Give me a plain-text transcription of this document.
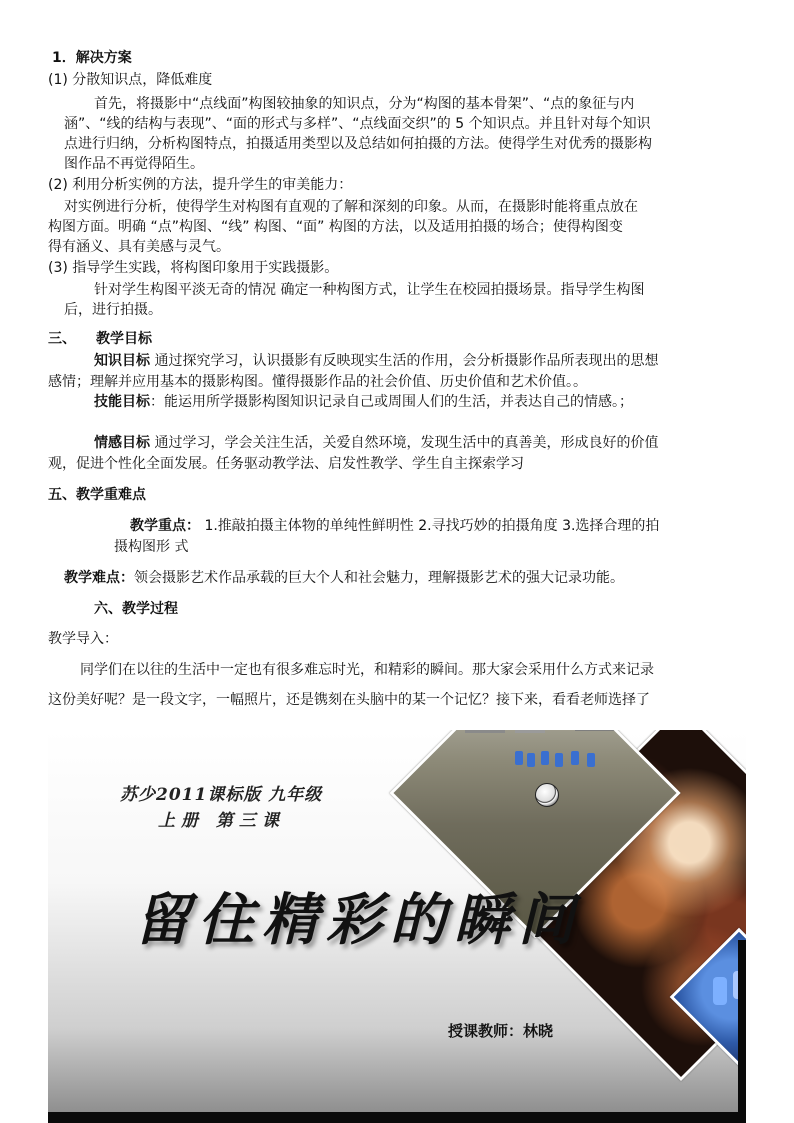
1．解决方案
(1) 分散知识点，降低难度
首先，将摄影中“点线面”构图较抽象的知识点，分为“构图的基本骨架”、“点的象征与内
涵”、“线的结构与表现”、“面的形式与多样”、“点线面交织”的 5 个知识点。并且针对每个知识
点进行归纳，分析构图特点，拍摄适用类型以及总结如何拍摄的方法。使得学生对优秀的摄影构
图作品不再觉得陌生。
(2) 利用分析实例的方法，提升学生的审美能力：
对实例进行分析，使得学生对构图有直观的了解和深刻的印象。从而，在摄影时能将重点放在
构图方面。明确 “点”构图、“线” 构图、“面” 构图的方法，以及适用拍摄的场合；使得构图变
得有涵义、具有美感与灵气。
(3) 指导学生实践，将构图印象用于实践摄影。
针对学生构图平淡无奇的情况 确定一种构图方式，让学生在校园拍摄场景。指导学生构图
后，进行拍摄。
三、 教学目标
知识目标 通过探究学习，认识摄影有反映现实生活的作用，会分析摄影作品所表现出的思想
感情；理解并应用基本的摄影构图。懂得摄影作品的社会价值、历史价值和艺术价值。。
技能目标：能运用所学摄影构图知识记录自己或周围人们的生活，并表达自己的情感。；
情感目标 通过学习，学会关注生活，关爱自然环境，发现生活中的真善美，形成良好的价值
观，促进个性化全面发展。任务驱动教学法、启发性教学、学生自主探索学习
五、教学重难点
教学重点： 1.推敲拍摄主体物的单纯性鲜明性 2.寻找巧妙的拍摄角度 3.选择合理的拍
摄构图形 式
教学难点：领会摄影艺术作品承载的巨大个人和社会魅力，理解摄影艺术的强大记录功能。
六、教学过程
教学导入：
同学们在以往的生活中一定也有很多难忘时光，和精彩的瞬间。那大家会采用什么方式来记录
这份美好呢？是一段文字，一幅照片，还是镌刻在头脑中的某一个记忆？接下来，看看老师选择了
苏少2011课标版 九年级
上册 第三课
留住精彩的瞬间
授课教师：林晓
